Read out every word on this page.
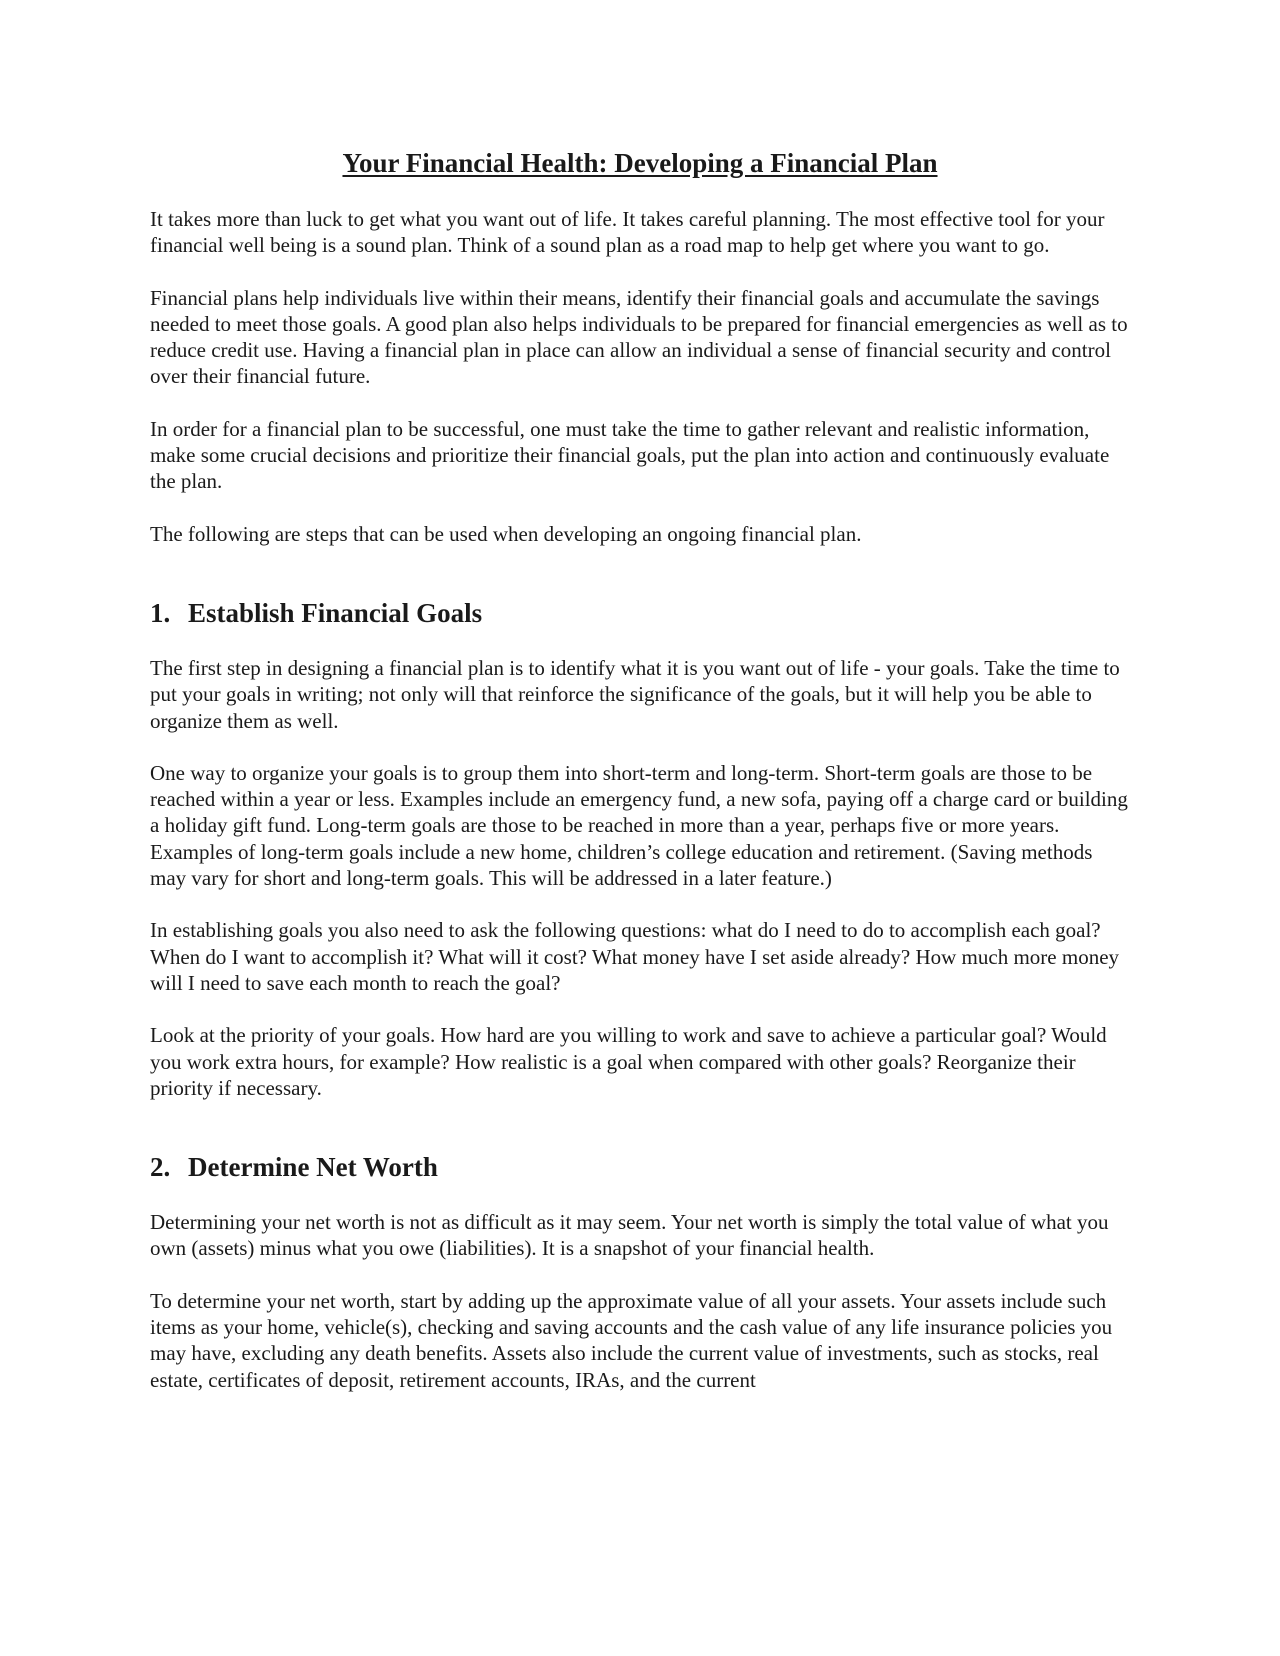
Your Financial Health: Developing a Financial Plan

It takes more than luck to get what you want out of life. It takes careful planning. The most effective tool for your financial well being is a sound plan. Think of a sound plan as a road map to help get where you want to go.

Financial plans help individuals live within their means, identify their financial goals and accumulate the savings needed to meet those goals. A good plan also helps individuals to be prepared for financial emergencies as well as to reduce credit use. Having a financial plan in place can allow an individual a sense of financial security and control over their financial future.

In order for a financial plan to be successful, one must take the time to gather relevant and realistic information, make some crucial decisions and prioritize their financial goals, put the plan into action and continuously evaluate the plan.

The following are steps that can be used when developing an ongoing financial plan.

1. Establish Financial Goals

The first step in designing a financial plan is to identify what it is you want out of life - your goals. Take the time to put your goals in writing; not only will that reinforce the significance of the goals, but it will help you be able to organize them as well.

One way to organize your goals is to group them into short-term and long-term. Short-term goals are those to be reached within a year or less. Examples include an emergency fund, a new sofa, paying off a charge card or building a holiday gift fund. Long-term goals are those to be reached in more than a year, perhaps five or more years. Examples of long-term goals include a new home, children’s college education and retirement. (Saving methods may vary for short and long-term goals. This will be addressed in a later feature.)

In establishing goals you also need to ask the following questions: what do I need to do to accomplish each goal? When do I want to accomplish it? What will it cost? What money have I set aside already? How much more money will I need to save each month to reach the goal?

Look at the priority of your goals. How hard are you willing to work and save to achieve a particular goal? Would you work extra hours, for example? How realistic is a goal when compared with other goals? Reorganize their priority if necessary.

2. Determine Net Worth

Determining your net worth is not as difficult as it may seem. Your net worth is simply the total value of what you own (assets) minus what you owe (liabilities). It is a snapshot of your financial health.

To determine your net worth, start by adding up the approximate value of all your assets. Your assets include such items as your home, vehicle(s), checking and saving accounts and the cash value of any life insurance policies you may have, excluding any death benefits. Assets also include the current value of investments, such as stocks, real estate, certificates of deposit, retirement accounts, IRAs, and the current
